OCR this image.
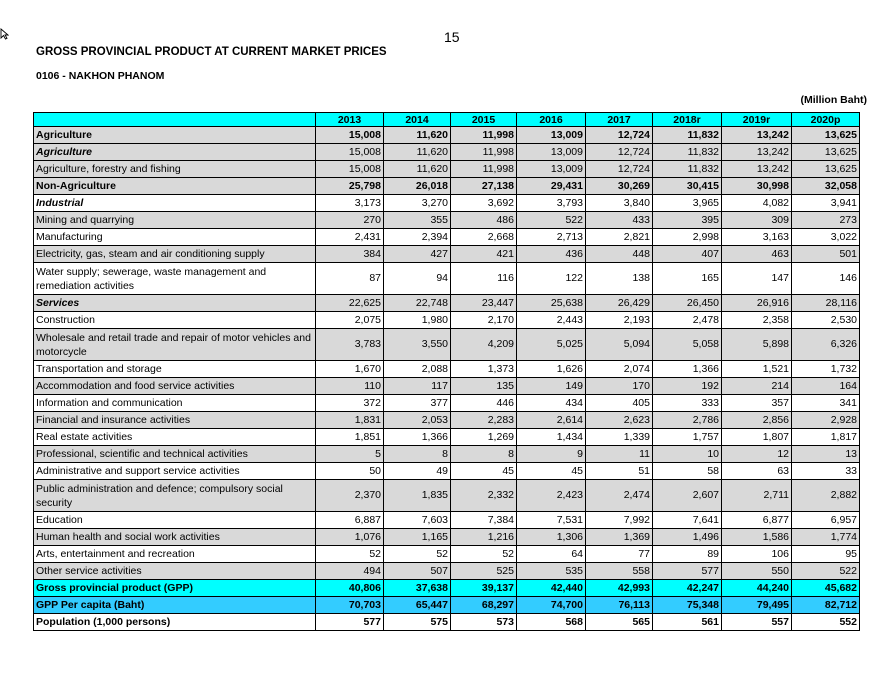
15
GROSS PROVINCIAL PRODUCT AT CURRENT MARKET PRICES
0106 - NAKHON PHANOM
(Million Baht)
	2013	2014	2015	2016	2017	2018r	2019r	2020p
Agriculture	15,008	11,620	11,998	13,009	12,724	11,832	13,242	13,625
Agriculture	15,008	11,620	11,998	13,009	12,724	11,832	13,242	13,625
Agriculture, forestry and fishing	15,008	11,620	11,998	13,009	12,724	11,832	13,242	13,625
Non-Agriculture	25,798	26,018	27,138	29,431	30,269	30,415	30,998	32,058
Industrial	3,173	3,270	3,692	3,793	3,840	3,965	4,082	3,941
Mining and quarrying	270	355	486	522	433	395	309	273
Manufacturing	2,431	2,394	2,668	2,713	2,821	2,998	3,163	3,022
Electricity, gas, steam and air conditioning supply	384	427	421	436	448	407	463	501
Water supply; sewerage, waste management and remediation activities	87	94	116	122	138	165	147	146
Services	22,625	22,748	23,447	25,638	26,429	26,450	26,916	28,116
Construction	2,075	1,980	2,170	2,443	2,193	2,478	2,358	2,530
Wholesale and retail trade and repair of motor vehicles and motorcycle	3,783	3,550	4,209	5,025	5,094	5,058	5,898	6,326
Transportation and storage	1,670	2,088	1,373	1,626	2,074	1,366	1,521	1,732
Accommodation and food service activities	110	117	135	149	170	192	214	164
Information and communication	372	377	446	434	405	333	357	341
Financial and insurance activities	1,831	2,053	2,283	2,614	2,623	2,786	2,856	2,928
Real estate activities	1,851	1,366	1,269	1,434	1,339	1,757	1,807	1,817
Professional, scientific and technical activities	5	8	8	9	11	10	12	13
Administrative and support service activities	50	49	45	45	51	58	63	33
Public administration and defence; compulsory social security	2,370	1,835	2,332	2,423	2,474	2,607	2,711	2,882
Education	6,887	7,603	7,384	7,531	7,992	7,641	6,877	6,957
Human health and social work activities	1,076	1,165	1,216	1,306	1,369	1,496	1,586	1,774
Arts, entertainment and recreation	52	52	52	64	77	89	106	95
Other service activities	494	507	525	535	558	577	550	522
Gross provincial product (GPP)	40,806	37,638	39,137	42,440	42,993	42,247	44,240	45,682
GPP Per capita (Baht)	70,703	65,447	68,297	74,700	76,113	75,348	79,495	82,712
Population (1,000 persons)	577	575	573	568	565	561	557	552
